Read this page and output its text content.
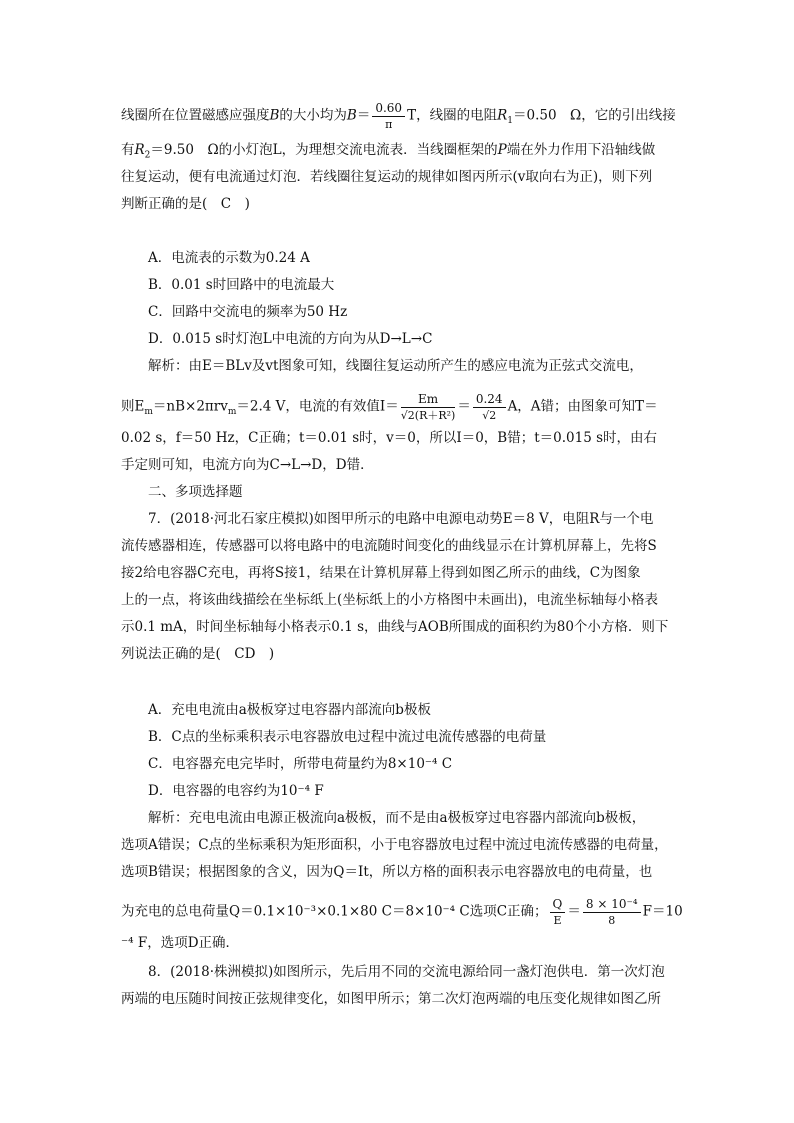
线圈所在位置磁感应强度B的大小均为$B= \frac{0.60}{\pi}$ T，线圈的电阻$R_1=0.50$　Ω，它的引出线接
有$R_2=9.50$　Ω的小灯泡L，为理想交流电流表．当线圈框架的P端在外力作用下沿轴线做
往复运动，便有电流通过灯泡．若线圈往复运动的规律如图丙所示(v取向右为正)，则下列
判断正确的是(　C　)
A．电流表的示数为0.24 A
B．0.01 s时回路中的电流最大
C．回路中交流电的频率为50 Hz
D．0.015 s时灯泡L中电流的方向为从D→L→C
解析：由E＝BLv及vt图象可知，线圈往复运动所产生的感应电流为正弦式交流电，
则$E_m=nB\times 2\pi rv_m=2.4$ V，电流的有效值$I= \frac{Em}{\text{√2(R＋R²)}} = \frac{0.24}{√2}$ A，A错；由图象可知T＝
0.02 s，f＝50 Hz，C正确；t＝0.01 s时，v＝0，所以I＝0，B错；t＝0.015 s时，由右
手定则可知，电流方向为C→L→D，D错．
二、多项选择题
7．(2018·河北石家庄模拟)如图甲所示的电路中电源电动势E＝8 V，电阻R与一个电
流传感器相连，传感器可以将电路中的电流随时间变化的曲线显示在计算机屏幕上，先将S
接2给电容器C充电，再将S接1，结果在计算机屏幕上得到如图乙所示的曲线，C为图象
上的一点，将该曲线描绘在坐标纸上(坐标纸上的小方格图中未画出)，电流坐标轴每小格表
示0.1 mA，时间坐标轴每小格表示0.1 s，曲线与AOB所围成的面积约为80个小方格．则下
列说法正确的是(　CD　)
A．充电电流由a极板穿过电容器内部流向b极板
B．C点的坐标乘积表示电容器放电过程中流过电流传感器的电荷量
C．电容器充电完毕时，所带电荷量约为8×10⁻⁴ C
D．电容器的电容约为10⁻⁴ F
解析：充电电流由电源正极流向a极板，而不是由a极板穿过电容器内部流向b极板，
选项A错误；C点的坐标乘积为矩形面积，小于电容器放电过程中流过电流传感器的电荷量，
选项B错误；根据图象的含义，因为Q＝It，所以方格的面积表示电容器放电的电荷量，也
为充电的总电荷量Q＝0.1×10⁻³×0.1×80 C＝8×10⁻⁴ C选项C正确； $\frac{Q}{E} = \frac{\text{8 × 10⁻⁴}}{8} F=10$
⁻⁴ F，选项D正确．
8．(2018·株洲模拟)如图所示，先后用不同的交流电源给同一盏灯泡供电．第一次灯泡
两端的电压随时间按正弦规律变化，如图甲所示；第二次灯泡两端的电压变化规律如图乙所
